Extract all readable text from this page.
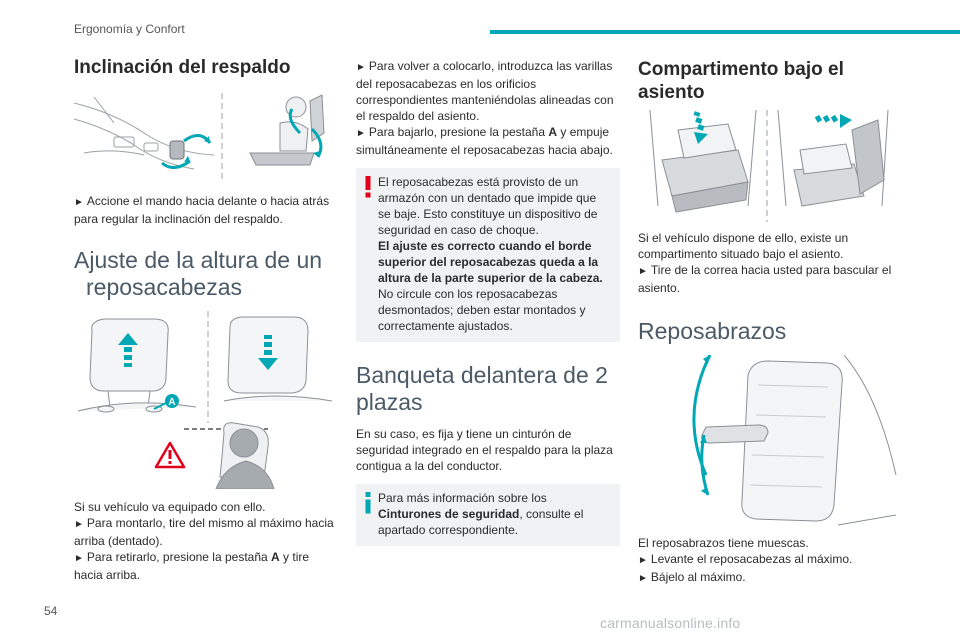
Ergonomía y Confort
54
carmanualsonline.info
Inclinación del respaldo

► Accione el mando hacia delante o hacia atrás para regular la inclinación del respaldo.

Ajuste de la altura de un
reposacabezas
A

Si su vehículo va equipado con ello.

► Para montarlo, tire del mismo al máximo hacia arriba (dentado).

► Para retirarlo, presione la pestaña A y tire hacia arriba.

► Para volver a colocarlo, introduzca las varillas del reposacabezas en los orificios correspondientes manteniéndolas alineadas con el respaldo del asiento.

► Para bajarlo, presione la pestaña A y empuje simultáneamente el reposacabezas hacia abajo.

El reposacabezas está provisto de un armazón con un dentado que impide que se baje. Esto constituye un dispositivo de seguridad en caso de choque.

El ajuste es correcto cuando el borde superior del reposacabezas queda a la altura de la parte superior de la cabeza.

No circule con los reposacabezas desmontados; deben estar montados y correctamente ajustados.

Banqueta delantera de 2
plazas

En su caso, es fija y tiene un cinturón de seguridad integrado en el respaldo para la plaza contigua a la del conductor.

Para más información sobre los Cinturones de seguridad, consulte el apartado correspondiente.

Compartimento bajo el
asiento

Si el vehículo dispone de ello, existe un compartimento situado bajo el asiento.

► Tire de la correa hacia usted para bascular el asiento.

Reposabrazos

El reposabrazos tiene muescas.

► Levante el reposacabezas al máximo.

► Bájelo al máximo.
